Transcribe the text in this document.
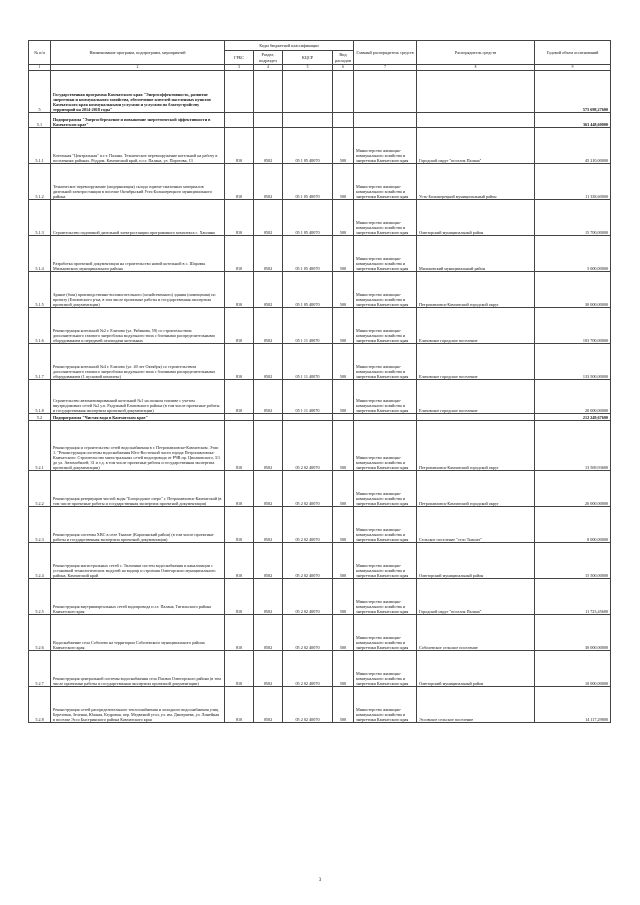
№ п/п	Наименование программ, подпрограмм, мероприятий	Коды бюджетной классификации				Главный распорядитель средств	Распорядитель средств	Годовой объем ассигнований
		ГРБС	Раздел, подраздел	КЦСР	Вид расходов			
1	2	3	4	5	6	7	8	9
5	Государственная программа Камчатского края "Энергоэффективность, развитие энергетики и коммунального хозяйства, обеспечение жителей населенных пунктов Камчатского края коммунальными услугами и услугами по благоустройству территорий на 2014-2018 годы"							575 698,27600
5.1	Подпрограмма "Энергосбережение и повышение энергетической эффективности в Камчатском крае"							363 448,60000
5.1.1	Котельная "Центральная" п.г.т. Палана. Техническое перевооружение котельной на работу в поселениях районах. Роддом. Камчатский край, п.г.т. Палана, ул. Поротова, 13	810	0502	05 1 05 40070	500	Министерство жилищно-коммунального хозяйства и энергетики Камчатского края	Городской округ "поселок Палана"	45 210,00000
5.1.2	Техническое перевооружение (модернизация) склада горюче-смазочных материалов дизельной электростанции в поселке Октябрьский Усть-Большерецкого муниципального района	810	0502	05 1 05 40070	500	Министерство жилищно-коммунального хозяйства и энергетики Камчатского края	Усть-Большерецкий муниципальный район	11 338,60000
5.1.3	Строительство подземной дизельной электростанции программного комплекса с. Хаилино	810	0502	05 1 05 40070	500	Министерство жилищно-коммунального хозяйства и энергетики Камчатского края	Олюторский муниципальный район	15 700,00000
5.1.4	Разработка проектной документации на строительство новой котельной в с. Шаромы Мильковского муниципального района	810	0502	05 1 05 40070	500	Министерство жилищно-коммунального хозяйства и энергетики Камчатского края	Мильковский муниципальный район	5 000,00000
5.1.5	Здание (база) производственно-вспомогательного (хозяйственного) здания (помещения) по проекту (Елизовского р-на, в том числе проектные работы и государственная экспертиза проектной документации)	810	0502	05 1 05 40070	500	Министерство жилищно-коммунального хозяйства и энергетики Камчатского края	Петропавловск-Камчатский городской округ	30 000,00000
5.1.6	Реконструкция котельной №2 г. Елизово (ул. Рябикова, 59) со строительством дополнительного газового энергоблока модульного типа с блочными распределительными оборудованием и передачей газоподачи котельных	810	0502	05 1 11 40070	500	Министерство жилищно-коммунального хозяйства и энергетики Камчатского края	Елизовское городское поселение	103 700,00000
5.1.7	Реконструкция котельной №4 г. Елизово (ул. 40 лет Октября) со строительством дополнительного газового энергоблока модульного типа с блочными распределительными оборудованием (1 пусковой комплекс)	810	0502	05 1 11 40070	500	Министерство жилищно-коммунального хозяйства и энергетики Камчатского края	Елизовское городское поселение	133 500,00000
5.1.8	Строительство автоматизированной котельной №1 на полном топливе с учетом внутридомовых сетей №2 у.п. Радужный Елизовского района (в том числе проектные работы и государственная экспертиза проектной документации)	810	0502	05 1 11 40070	500	Министерство жилищно-коммунального хозяйства и энергетики Камчатского края	Елизовское городское поселение	20 000,00000
5.2	Подпрограмма "Чистая вода в Камчатском крае"							212 249,67600
5.2.1	Реконструкция и строительство сетей водоснабжения в г. Петропавловске-Камчатском. Этап 1. "Реконструкция системы водоснабжения Юго-Восточной части города Петропавловска-Камчатского. Строительство магистральных сетей водопровода от РЧВ пр. Циолковского, 3/1 до ул. Автомобилей, 31 и т.д. в том числе проектные работы и государственная экспертиза проектной документации)	810	0502	05 2 02 40070	500	Министерство жилищно-коммунального хозяйства и энергетики Камчатского края	Петропавловск-Камчатский городской округ	13 569,93600
5.2.2	Реконструкция резервуаров чистой воды "Богородское озеро" г. Петропавловск-Камчатский (в том числе проектные работы и государственная экспертиза проектной документации)	810	0502	05 2 02 40070	500	Министерство жилищно-коммунального хозяйства и энергетики Камчатского края	Петропавловск-Камчатский городской округ	20 000,00000
5.2.3	Реконструкция системы ХВС в селе Тымлат (Карагинский район) (в том числе проектные работы и государственная экспертиза проектной документации)	810	0502	05 2 02 40070	500	Министерство жилищно-коммунального хозяйства и энергетики Камчатского края	Сельское поселение "село Тымлат"	8 000,00000
5.2.4	Реконструкция магистральных сетей с. Тиличики систем водоснабжения и канализации с установкой технологических модулей на водопр и строения Олюторского муниципального района, Камчатский край	810	0502	05 2 02 40070	500	Министерство жилищно-коммунального хозяйства и энергетики Камчатского края	Олюторский муниципальный район	15 500,00000
5.2.5	Реконструкция внутриквартальных сетей водопровода п.г.т. Палана, Тигильского района Камчатского края	810	0502	05 2 02 40070	500	Министерство жилищно-коммунального хозяйства и энергетики Камчатского края	Городской округ "поселок Палана"	11 723,45600
5.2.6	Водоснабжение села Соболево на территории Соболевского муниципального района Камчатского края	810	0502	05 2 02 40070	500	Министерство жилищно-коммунального хозяйства и энергетики Камчатского края	Соболевское сельское поселение	30 000,00000
5.2.7	Реконструкция центральной системы водоснабжения села Пахачи Олюторского района (в том числе проектные работы и государственная экспертиза проектной документации)	810	0502	05 2 02 40070	500	Министерство жилищно-коммунального хозяйства и энергетики Камчатского края	Олюторский муниципальный район	10 000,00000
5.2.8	Реконструкция сетей распределительного теплоснабжения и холодного водоснабжения улиц Березовая, Зеленая, Южная, Кедровая, пер. Медвежий угол, ул. им. Дмитриева, ул. Линейная в поселке Эссо Быстринского района Камчатского края	810	0502	05 2 02 40070	500	Министерство жилищно-коммунального хозяйства и энергетики Камчатского края	Эссовское сельское поселение	14 117,29800
3
